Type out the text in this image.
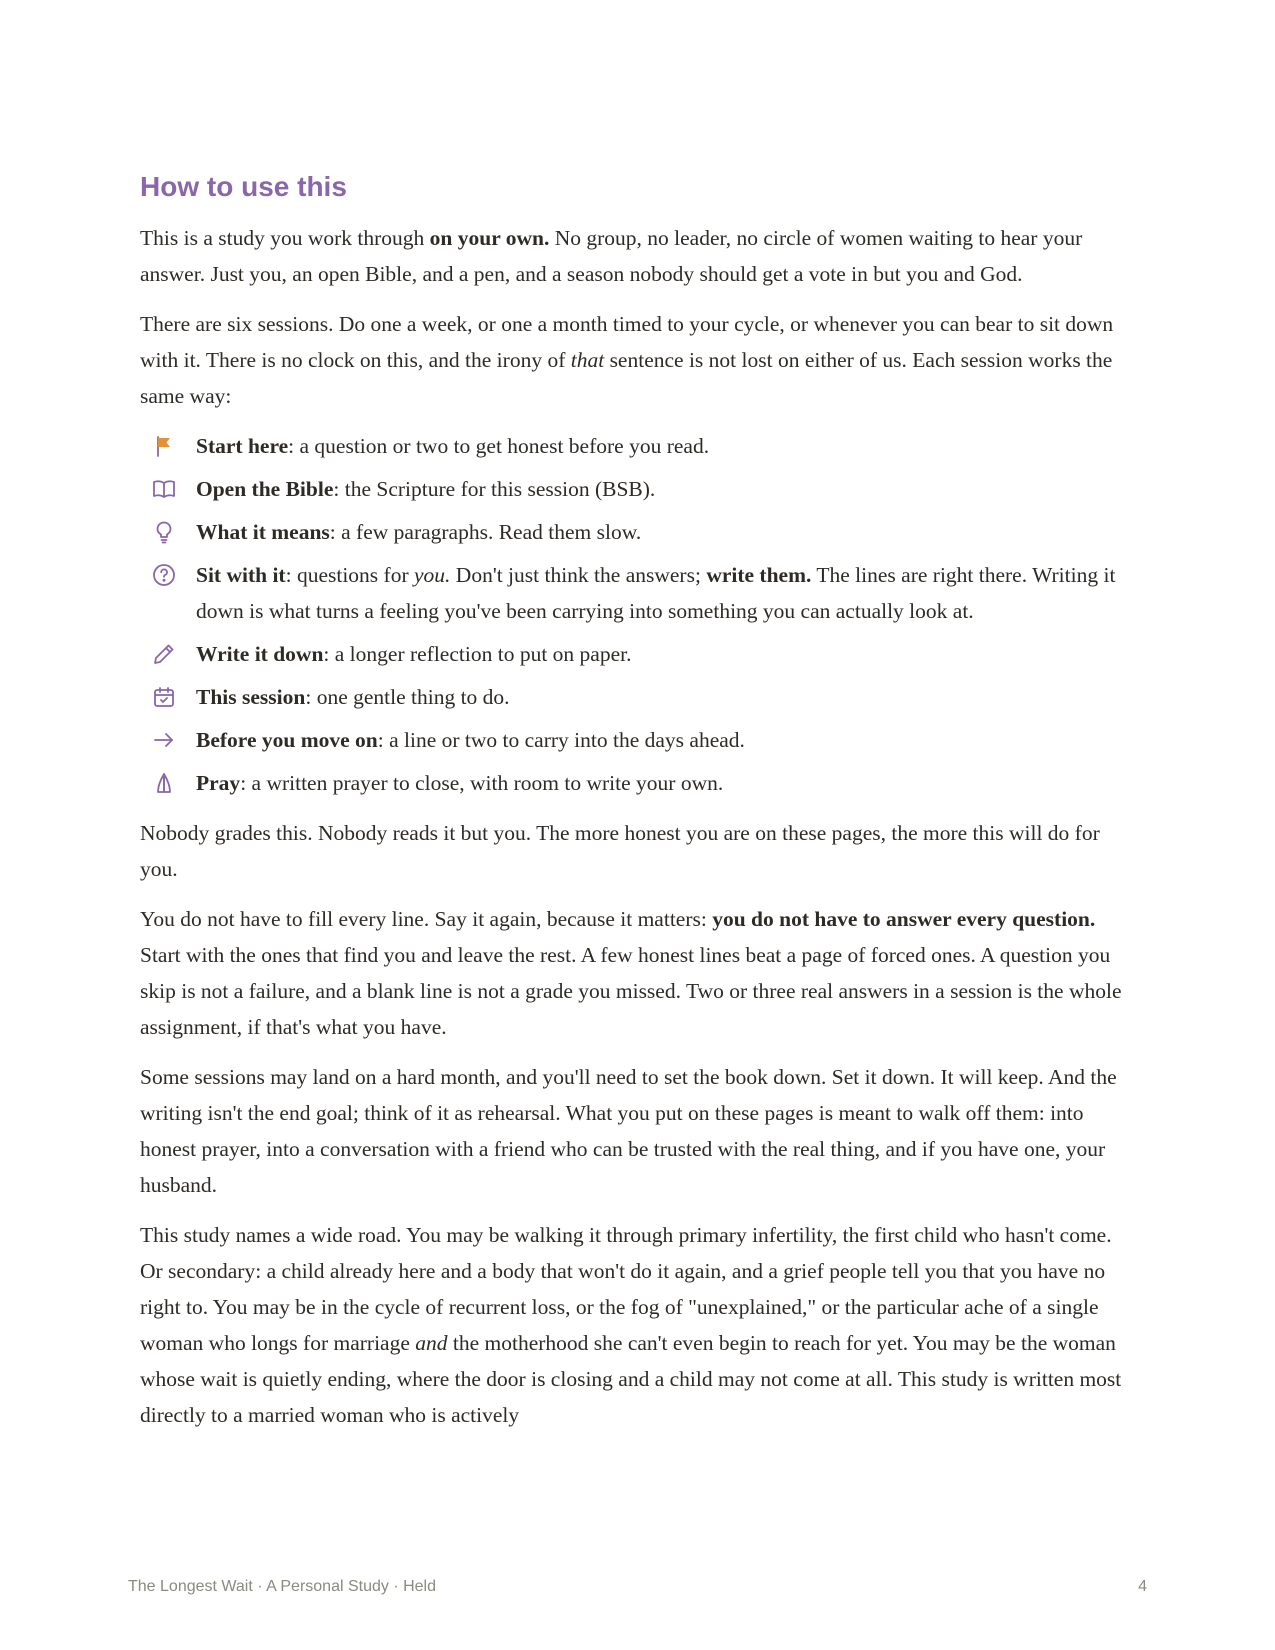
How to use this

This is a study you work through on your own. No group, no leader, no circle of women waiting to hear your answer. Just you, an open Bible, and a pen, and a season nobody should get a vote in but you and God.

There are six sessions. Do one a week, or one a month timed to your cycle, or whenever you can bear to sit down with it. There is no clock on this, and the irony of that sentence is not lost on either of us. Each session works the same way:

Start here: a question or two to get honest before you read.
Open the Bible: the Scripture for this session (BSB).
What it means: a few paragraphs. Read them slow.
Sit with it: questions for you. Don't just think the answers; write them. The lines are right there. Writing it down is what turns a feeling you've been carrying into something you can actually look at.
Write it down: a longer reflection to put on paper.
This session: one gentle thing to do.
Before you move on: a line or two to carry into the days ahead.
Pray: a written prayer to close, with room to write your own.

Nobody grades this. Nobody reads it but you. The more honest you are on these pages, the more this will do for you.

You do not have to fill every line. Say it again, because it matters: you do not have to answer every question. Start with the ones that find you and leave the rest. A few honest lines beat a page of forced ones. A question you skip is not a failure, and a blank line is not a grade you missed. Two or three real answers in a session is the whole assignment, if that's what you have.

Some sessions may land on a hard month, and you'll need to set the book down. Set it down. It will keep. And the writing isn't the end goal; think of it as rehearsal. What you put on these pages is meant to walk off them: into honest prayer, into a conversation with a friend who can be trusted with the real thing, and if you have one, your husband.

This study names a wide road. You may be walking it through primary infertility, the first child who hasn't come. Or secondary: a child already here and a body that won't do it again, and a grief people tell you that you have no right to. You may be in the cycle of recurrent loss, or the fog of "unexplained," or the particular ache of a single woman who longs for marriage and the motherhood she can't even begin to reach for yet. You may be the woman whose wait is quietly ending, where the door is closing and a child may not come at all. This study is written most directly to a married woman who is actively

The Longest Wait · A Personal Study · Held	4
